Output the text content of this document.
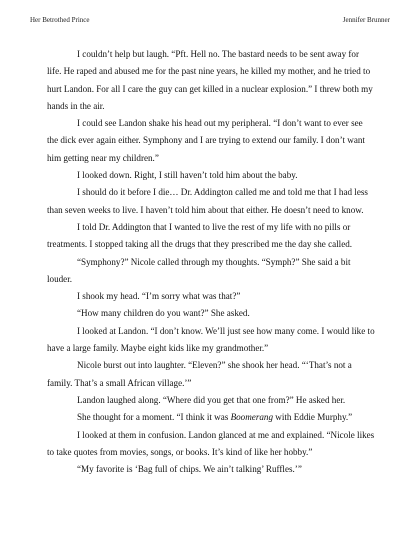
Her Betrothed Prince	Jennifer Brunner

I couldn’t help but laugh. “Pft. Hell no. The bastard needs to be sent away for life. He raped and abused me for the past nine years, he killed my mother, and he tried to hurt Landon. For all I care the guy can get killed in a nuclear explosion.” I threw both my hands in the air.

I could see Landon shake his head out my peripheral. “I don’t want to ever see the dick ever again either. Symphony and I are trying to extend our family. I don’t want him getting near my children.”

I looked down. Right, I still haven’t told him about the baby.

I should do it before I die… Dr. Addington called me and told me that I had less than seven weeks to live. I haven’t told him about that either. He doesn’t need to know.

I told Dr. Addington that I wanted to live the rest of my life with no pills or treatments. I stopped taking all the drugs that they prescribed me the day she called.

“Symphony?” Nicole called through my thoughts. “Symph?” She said a bit louder.

I shook my head. “I’m sorry what was that?”

“How many children do you want?” She asked.

I looked at Landon. “I don’t know. We’ll just see how many come. I would like to have a large family. Maybe eight kids like my grandmother.”

Nicole burst out into laughter. “Eleven?” she shook her head. “‘That’s not a family. That’s a small African village.’”

Landon laughed along. “Where did you get that one from?” He asked her.

She thought for a moment. “I think it was Boomerang with Eddie Murphy.”

I looked at them in confusion. Landon glanced at me and explained. “Nicole likes to take quotes from movies, songs, or books. It’s kind of like her hobby.”

“My favorite is ‘Bag full of chips. We ain’t talking’ Ruffles.’”
